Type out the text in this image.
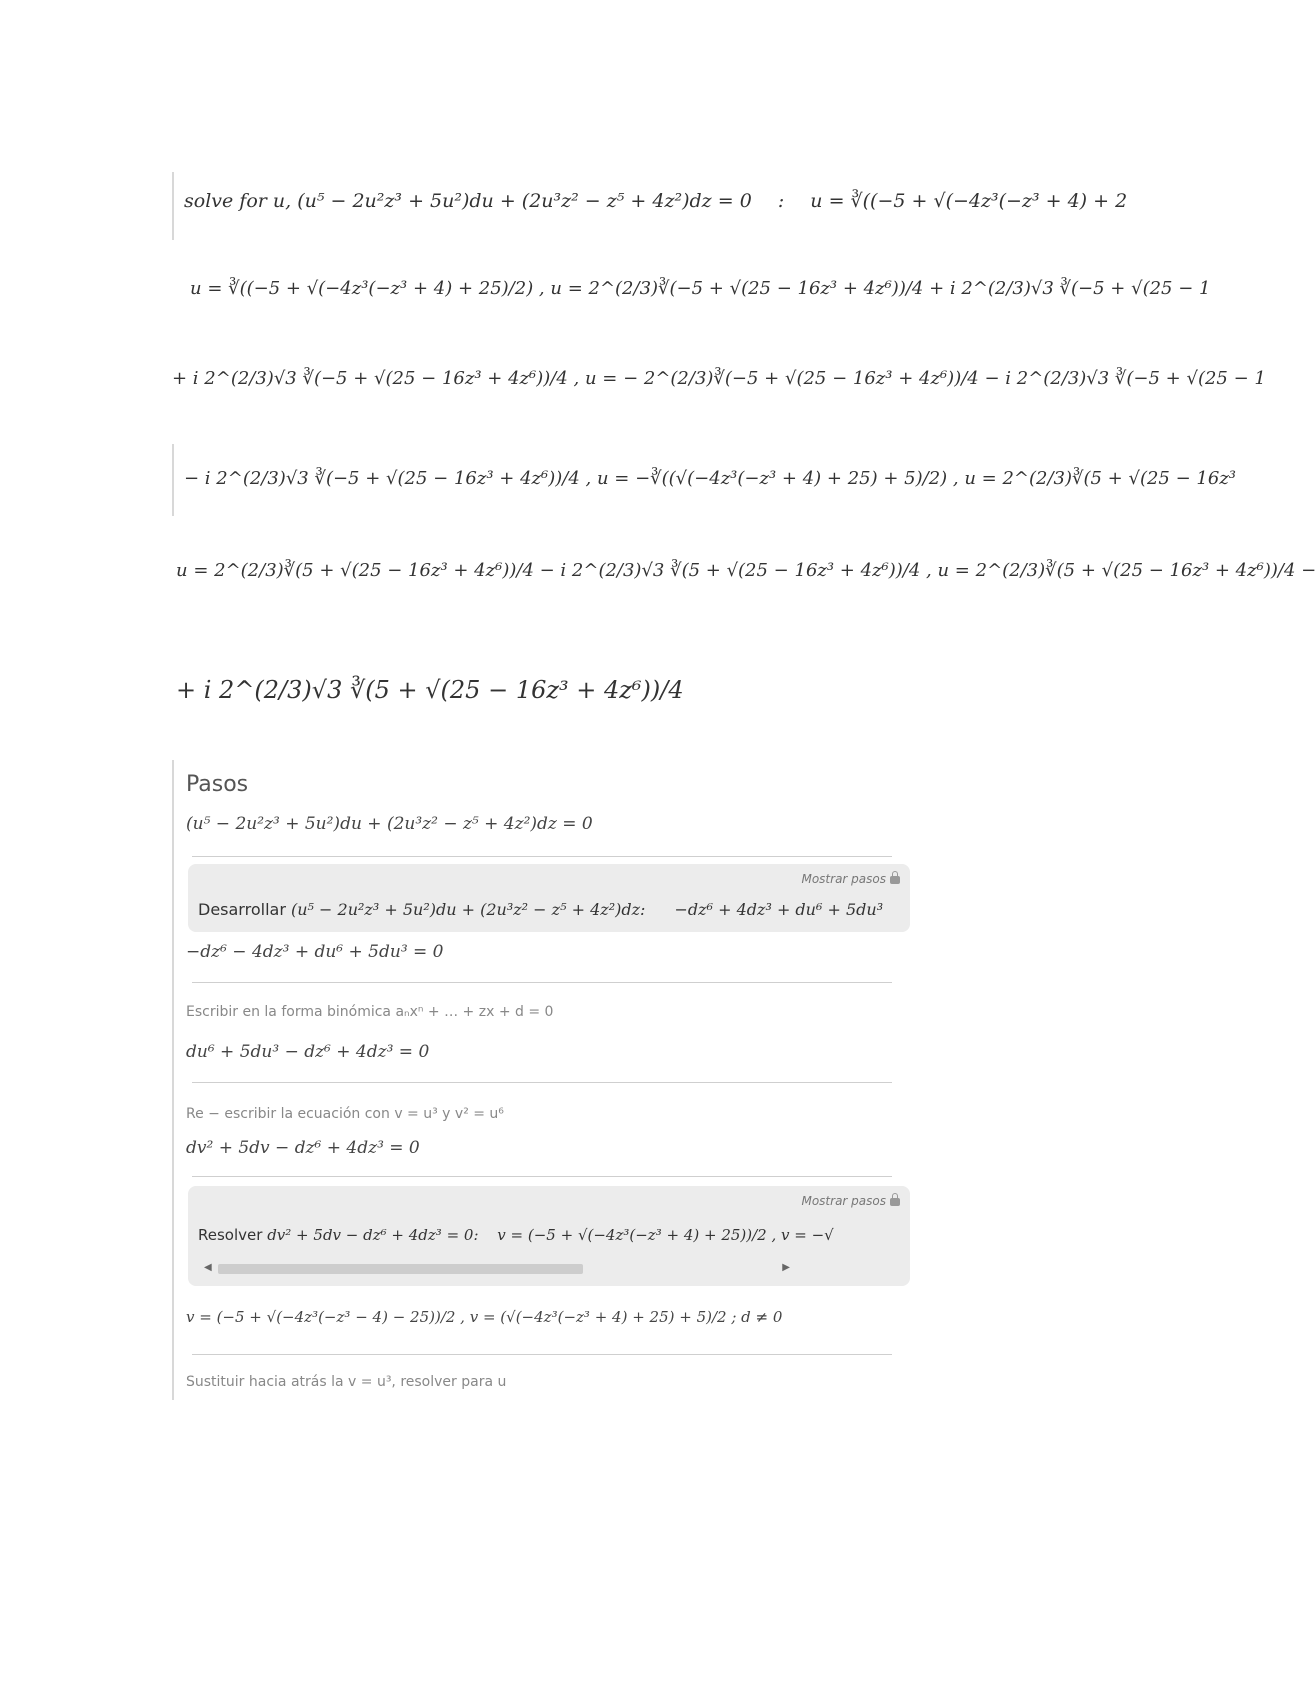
solve for u, (u⁵ − 2u²z³ + 5u²)du + (2u³z² − z⁵ + 4z²)dz = 0 : u = ∛((−5 + √(−4z³(−z³ + 4) + 2
u = ∛((−5 + √(−4z³(−z³ + 4) + 25)/2) , u = 2^(2/3)∛(−5 + √(25 − 16z³ + 4z⁶))/4 + i 2^(2/3)√3 ∛(−5 + √(25 − 1
+ i 2^(2/3)√3 ∛(−5 + √(25 − 16z³ + 4z⁶))/4 , u = − 2^(2/3)∛(−5 + √(25 − 16z³ + 4z⁶))/4 − i 2^(2/3)√3 ∛(−5 + √(25 − 1
− i 2^(2/3)√3 ∛(−5 + √(25 − 16z³ + 4z⁶))/4 , u = −∛((√(−4z³(−z³ + 4) + 25) + 5)/2) , u = 2^(2/3)∛(5 + √(25 − 16z³
u = 2^(2/3)∛(5 + √(25 − 16z³ + 4z⁶))/4 − i 2^(2/3)√3 ∛(5 + √(25 − 16z³ + 4z⁶))/4 , u = 2^(2/3)∛(5 + √(25 − 16z³ + 4z⁶))/4 −
+ i 2^(2/3)√3 ∛(5 + √(25 − 16z³ + 4z⁶))/4
Pasos
(u⁵ − 2u²z³ + 5u²)du + (2u³z² − z⁵ + 4z²)dz = 0
Mostrar pasos
Desarrollar (u⁵ − 2u²z³ + 5u²)du + (2u³z² − z⁵ + 4z²)dz: −dz⁶ + 4dz³ + du⁶ + 5du³
−dz⁶ − 4dz³ + du⁶ + 5du³ = 0
Escribir en la forma binómica aₙxⁿ + … + zx + d = 0
du⁶ + 5du³ − dz⁶ + 4dz³ = 0
Re − escribir la ecuación con v = u³ y v² = u⁶
dv² + 5dv − dz⁶ + 4dz³ = 0
Mostrar pasos
Resolver dv² + 5dv − dz⁶ + 4dz³ = 0: v = (−5 + √(−4z³(−z³ + 4) + 25))/2 , v = −√
◀	▶
v = (−5 + √(−4z³(−z³ − 4) − 25))/2 , v = (√(−4z³(−z³ + 4) + 25) + 5)/2 ; d ≠ 0
Sustituir hacia atrás la v = u³, resolver para u
